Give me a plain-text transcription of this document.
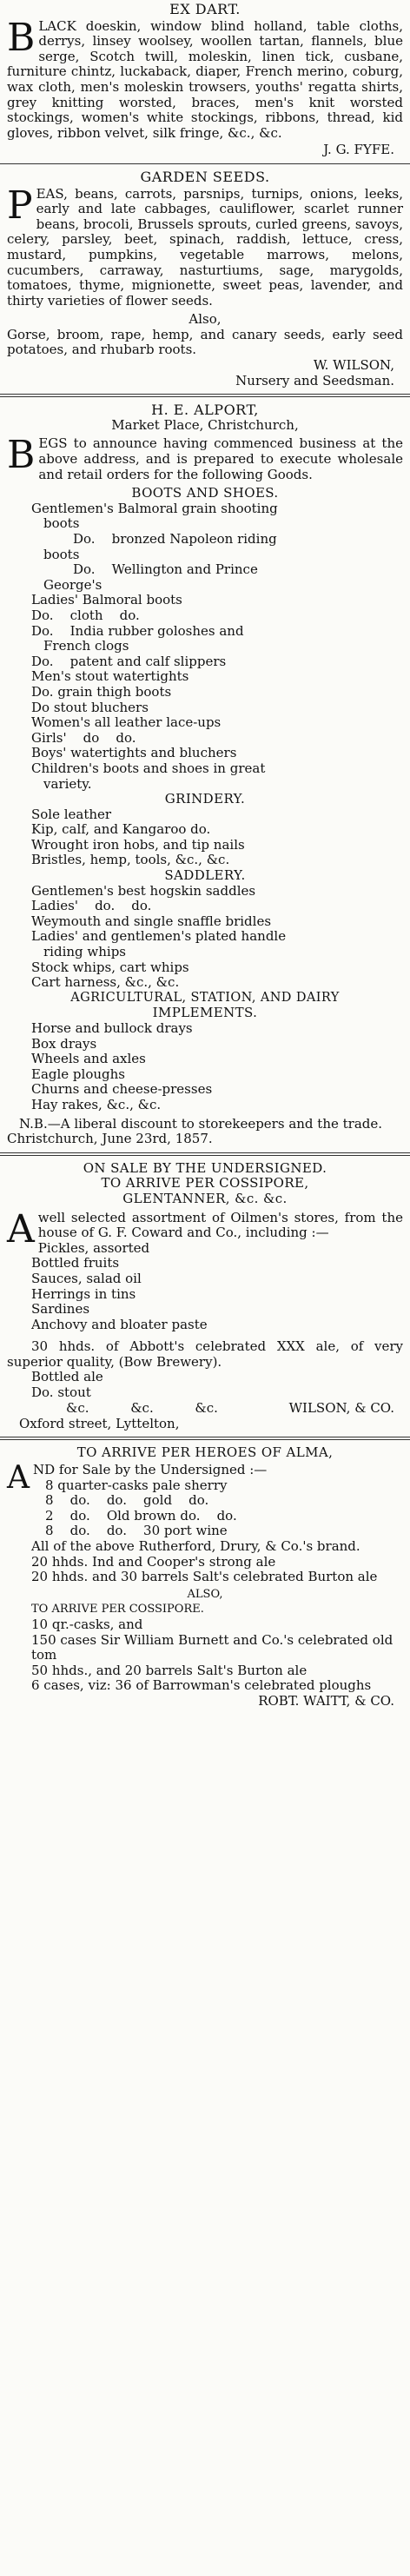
EX DART.

BLACK doeskin, window blind holland, table cloths, derrys, linsey woolsey, woollen tartan, flannels, blue serge, Scotch twill, moleskin, linen tick, cusbane, furniture chintz, luckaback, diaper, French merino, coburg, wax cloth, men's moleskin trowsers, youths' regatta shirts, grey knitting worsted, braces, men's knit worsted stockings, women's white stockings, ribbons, thread, kid gloves, ribbon velvet, silk fringe, &c., &c.

J. G. FYFE.
GARDEN SEEDS.

PEAS, beans, carrots, parsnips, turnips, onions, leeks, early and late cabbages, cauliflower, scarlet runner beans, brocoli, Brussels sprouts, curled greens, savoys, celery, parsley, beet, spinach, raddish, lettuce, cress, mustard, pumpkins, vegetable marrows, melons, cucumbers, carraway, nasturtiums, sage, marygolds, tomatoes, thyme, mignionette, sweet peas, lavender, and thirty varieties of flower seeds.

Also,

Gorse, broom, rape, hemp, and canary seeds, early seed potatoes, and rhubarb roots.

W. WILSON,
Nursery and Seedsman.
H. E. ALPORT,
Market Place, Christchurch,

BEGS to announce having commenced business at the above address, and is prepared to execute wholesale and retail orders for the following Goods.

BOOTS AND SHOES.
Gentlemen's Balmoral grain shooting
boots
Do.    bronzed Napoleon riding
boots
Do.    Wellington and Prince
George's
Ladies' Balmoral boots
Do.    cloth    do.
Do.    India rubber goloshes and
French clogs
Do.    patent and calf slippers
Men's stout watertights
Do. grain thigh boots
Do stout bluchers
Women's all leather lace-ups
Girls'    do    do.
Boys' watertights and bluchers
Children's boots and shoes in great
variety.
GRINDERY.
Sole leather
Kip, calf, and Kangaroo do.
Wrought iron hobs, and tip nails
Bristles, hemp, tools, &c., &c.
SADDLERY.
Gentlemen's best hogskin saddles
Ladies'    do.    do.
Weymouth and single snaffle bridles
Ladies' and gentlemen's plated handle
riding whips
Stock whips, cart whips
Cart harness, &c., &c.
AGRICULTURAL, STATION, AND DAIRY
IMPLEMENTS.
Horse and bullock drays
Box drays
Wheels and axles
Eagle ploughs
Churns and cheese-presses
Hay rakes, &c., &c.

N.B.—A liberal discount to storekeepers and the trade.

Christchurch, June 23rd, 1857.
ON SALE BY THE UNDERSIGNED.
TO ARRIVE PER COSSIPORE,
GLENTANNER, &c. &c.

Awell selected assortment of Oilmen's stores, from the house of G. F. Coward and Co., including :—

Pickles, assorted
Bottled fruits
Sauces, salad oil
Herrings in tins
Sardines
Anchovy and bloater paste

30 hhds. of Abbott's celebrated XXX ale, of very superior quality, (Bow Brewery).

Bottled ale
Do. stout
&c.          &c.          &c.	WILSON, & CO.
Oxford street, Lyttelton,
TO ARRIVE PER HEROES OF ALMA,

AND for Sale by the Undersigned :—

8 quarter-casks pale sherry
8    do.    do.    gold    do.
2    do.    Old brown do.    do.
8    do.    do.    30 port wine
All of the above Rutherford, Drury, & Co.'s brand.
20 hhds. Ind and Cooper's strong ale
20 hhds. and 30 barrels Salt's celebrated Burton ale
ALSO,
TO ARRIVE PER COSSIPORE.
10 qr.-casks, and
150 cases Sir William Burnett and Co.'s celebrated old tom
50 hhds., and 20 barrels Salt's Burton ale
6 cases, viz: 36 of Barrowman's celebrated ploughs
ROBT. WAITT, & CO.
